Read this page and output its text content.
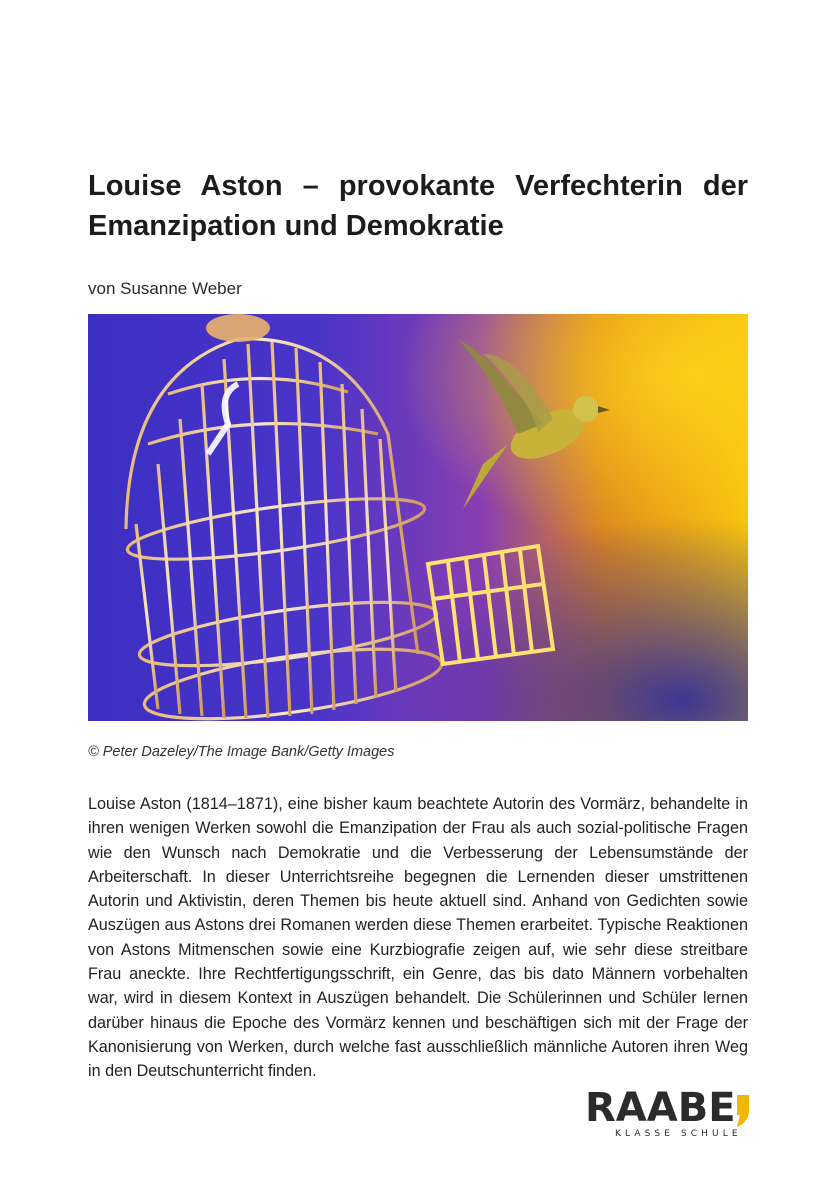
Louise Aston – provokante Verfechterin der Emanzipation und Demokratie

von Susanne Weber

© Peter Dazeley/The Image Bank/Getty Images

Louise Aston (1814–1871), eine bisher kaum beachtete Autorin des Vormärz, behandelte in ihren wenigen Werken sowohl die Emanzipation der Frau als auch sozial-politische Fragen wie den Wunsch nach Demokratie und die Verbesserung der Lebensumstände der Arbeiterschaft. In dieser Unterrichtsreihe begegnen die Lernenden dieser umstrittenen Autorin und Aktivistin, deren Themen bis heute aktuell sind. Anhand von Gedichten sowie Auszügen aus Astons drei Romanen werden diese Themen erarbeitet. Typische Reaktionen von Astons Mitmenschen sowie eine Kurzbiografie zeigen auf, wie sehr diese streitbare Frau aneckte. Ihre Rechtfertigungsschrift, ein Genre, das bis dato Männern vorbehalten war, wird in diesem Kontext in Auszügen behandelt. Die Schülerinnen und Schüler lernen darüber hinaus die Epoche des Vormärz kennen und beschäftigen sich mit der Frage der Kanonisierung von Werken, durch welche fast ausschließlich männliche Autoren ihren Weg in den Deutschunterricht finden.

RAABE
KLASSE SCHULE
